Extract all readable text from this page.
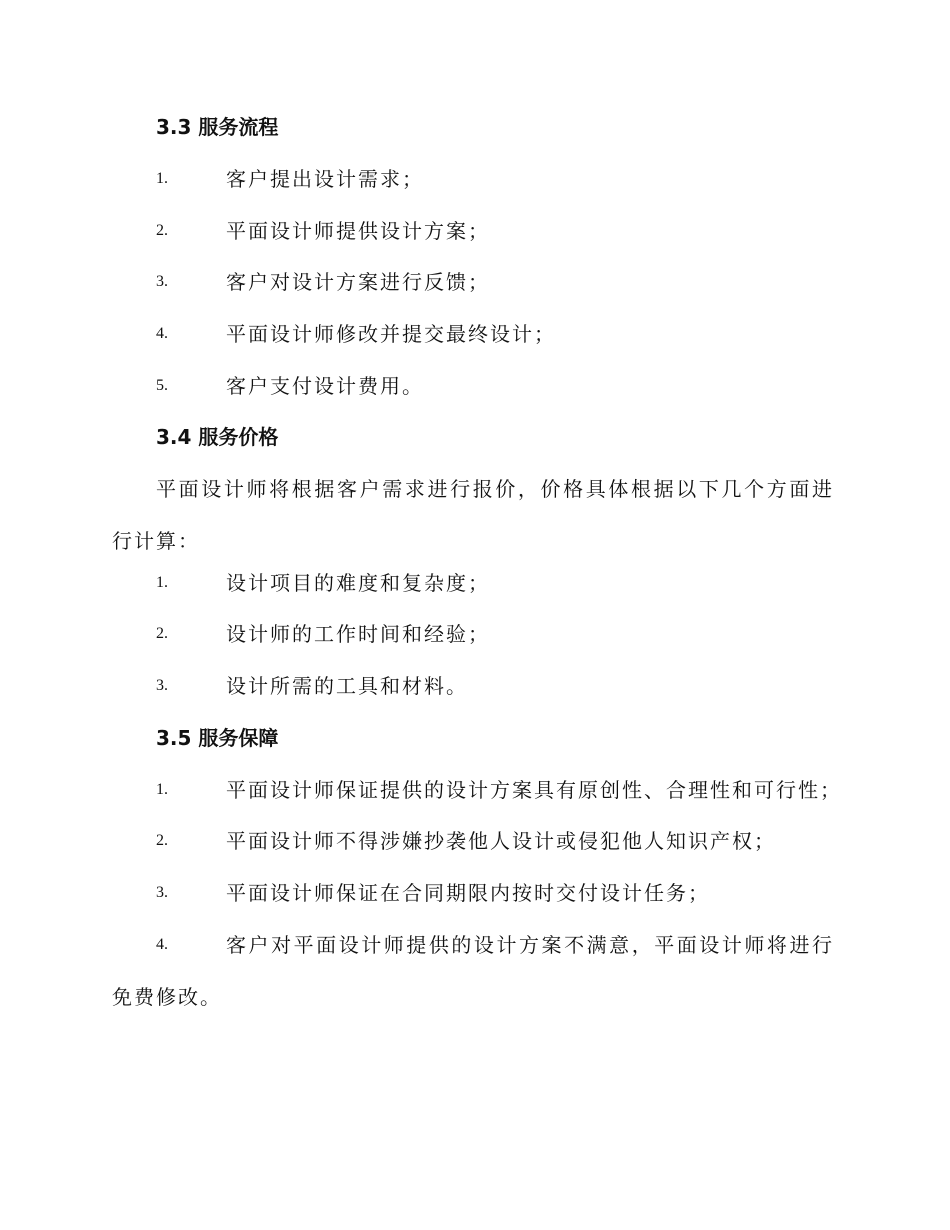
3.3 服务流程
1.	客户提出设计需求；
2.	平面设计师提供设计方案；
3.	客户对设计方案进行反馈；
4.	平面设计师修改并提交最终设计；
5.	客户支付设计费用。
3.4 服务价格
平面设计师将根据客户需求进行报价，价格具体根据以下几个方面进行计算：
1.	设计项目的难度和复杂度；
2.	设计师的工作时间和经验；
3.	设计所需的工具和材料。
3.5 服务保障
1.	平面设计师保证提供的设计方案具有原创性、合理性和可行性；
2.	平面设计师不得涉嫌抄袭他人设计或侵犯他人知识产权；
3.	平面设计师保证在合同期限内按时交付设计任务；
4.	客户对平面设计师提供的设计方案不满意，平面设计师将进行免费修改。
